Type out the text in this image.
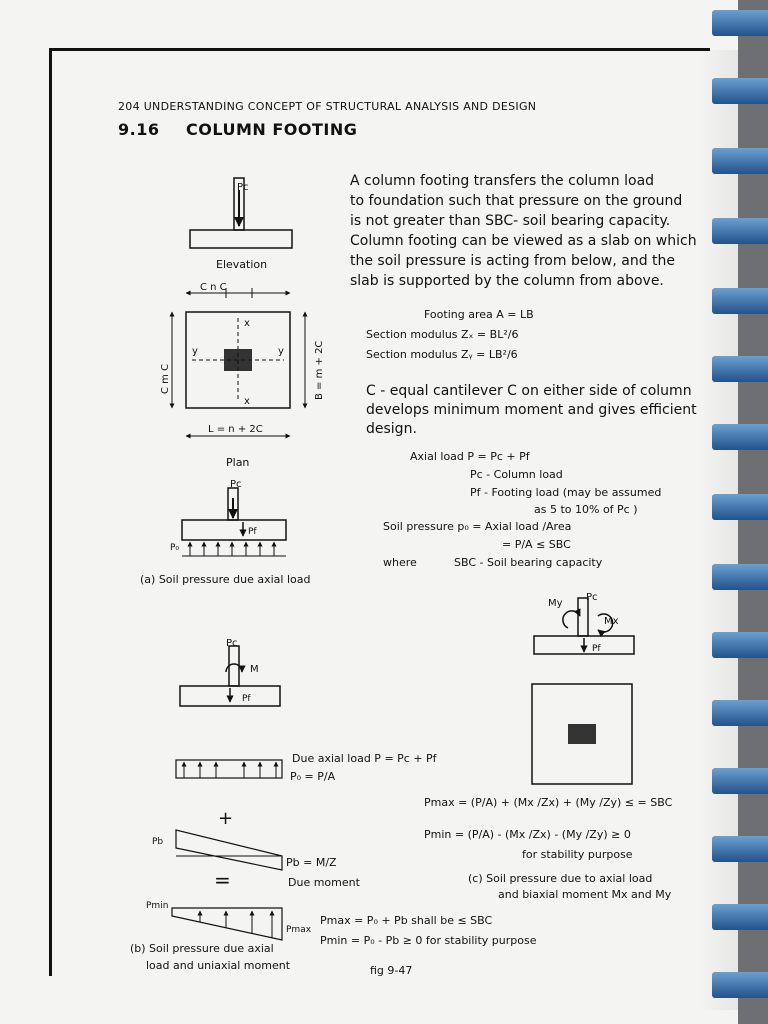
204 UNDERSTANDING CONCEPT OF STRUCTURAL ANALYSIS AND DESIGN
9.16 COLUMN FOOTING
A column footing transfers the column load
to foundation such that pressure on the ground
is not greater than SBC- soil bearing capacity.
Column footing can be viewed as a slab on which
the soil pressure is acting from below, and the
slab is supported by the column from above.
Footing area A = LB
Section modulus Zₓ = BL²/6
Section modulus Zᵧ = LB²/6
C - equal cantilever C on either side of column
develops minimum moment and gives efficient
design.
Axial load P = Pc + Pf
Pc - Column load
Pf - Footing load (may be assumed
as 5 to 10% of Pc )
Soil pressure p₀ = Axial load /Area
= P/A ≤ SBC
where	SBC - Soil bearing capacity
(a) Soil pressure due axial load
Due axial load P = Pc + Pf
P₀ = P/A
+
Pb = M/Z
=	Due moment
Pmax = P₀ + Pb shall be ≤ SBC
Pmin = P₀ - Pb ≥ 0 for stability purpose
(b) Soil pressure due axial
load and uniaxial moment	fig 9-47
Pmax = (P/A) + (Mx /Zx) + (My /Zy) ≤ = SBC
Pmin = (P/A) - (Mx /Zx) - (My /Zy) ≥ 0
for stability purpose
(c) Soil pressure due to axial load
and biaxial moment Mx and My
Pc
Elevation
C n C
x
x
y	y
C m C	B = m + 2C
L = n + 2C
Plan
Pc
Pf
P₀
Pc
M
Pf
Pb
Pmin
Pmax
Pc
My
Mx
Pf
